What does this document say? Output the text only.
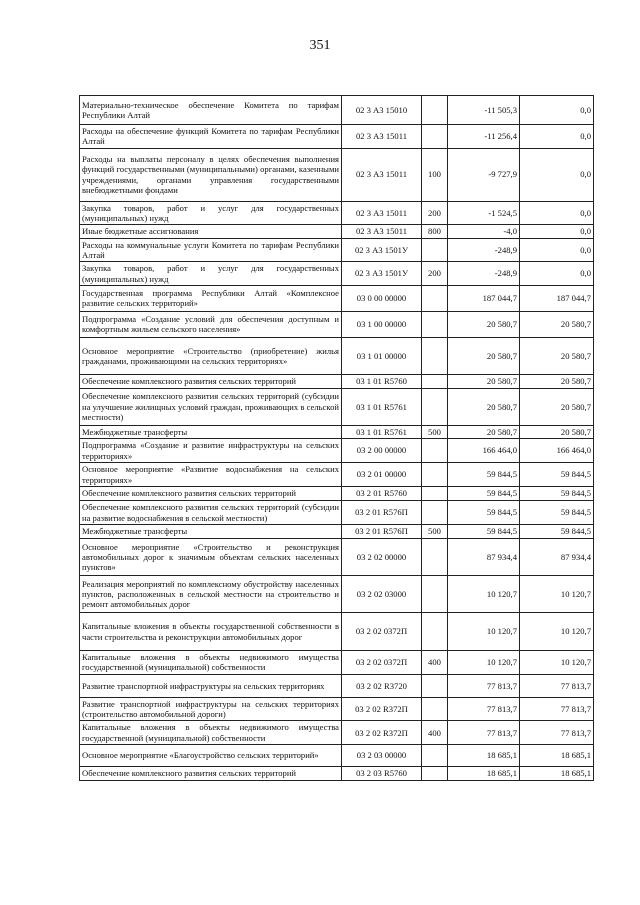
351
Материально-техническое обеспечение Комитета по тарифам Республики Алтай	02 3 А3 15010		-11 505,3	0,0
Расходы на обеспечение функций Комитета по тарифам Республики Алтай	02 3 А3 15011		-11 256,4	0,0
Расходы на выплаты персоналу в целях обеспечения выполнения функций государственными (муниципальными) органами, казенными учреждениями, органами управления государственными внебюджетными фондами	02 3 А3 15011	100	-9 727,9	0,0
Закупка товаров, работ и услуг для государственных (муниципальных) нужд	02 3 А3 15011	200	-1 524,5	0,0
Иные бюджетные ассигнования	02 3 А3 15011	800	-4,0	0,0
Расходы на коммунальные услуги Комитета по тарифам Республики Алтай	02 3 А3 1501У		-248,9	0,0
Закупка товаров, работ и услуг для государственных (муниципальных) нужд	02 3 А3 1501У	200	-248,9	0,0
Государственная программа Республики Алтай «Комплексное развитие сельских территорий»	03 0 00 00000		187 044,7	187 044,7
Подпрограмма «Создание условий для обеспечения доступным и комфортным жильем сельского населения»	03 1 00 00000		20 580,7	20 580,7
Основное мероприятие «Строительство (приобретение) жилья гражданами, проживающими на сельских территориях»	03 1 01 00000		20 580,7	20 580,7
Обеспечение комплексного развития сельских территорий	03 1 01 R5760		20 580,7	20 580,7
Обеспечение комплексного развития сельских территорий (субсидии на улучшение жилищных условий граждан, проживающих в сельской местности)	03 1 01 R5761		20 580,7	20 580,7
Межбюджетные трансферты	03 1 01 R5761	500	20 580,7	20 580,7
Подпрограмма «Создание и развитие инфраструктуры на сельских территориях»	03 2 00 00000		166 464,0	166 464,0
Основное мероприятие «Развитие водоснабжения на сельских территориях»	03 2 01 00000		59 844,5	59 844,5
Обеспечение комплексного развития сельских территорий	03 2 01 R5760		59 844,5	59 844,5
Обеспечение комплексного развития сельских территорий (субсидии на развитие водоснабжения в сельской местности)	03 2 01 R576П		59 844,5	59 844,5
Межбюджетные трансферты	03 2 01 R576П	500	59 844,5	59 844,5
Основное мероприятие «Строительство и реконструкция автомобильных дорог к значимым объектам сельских населенных пунктов»	03 2 02 00000		87 934,4	87 934,4
Реализация мероприятий по комплексному обустройству населенных пунктов, расположенных в сельской местности на строительство и ремонт автомобильных дорог	03 2 02 03000		10 120,7	10 120,7
Капитальные вложения в объекты государственной собственности в части строительства и реконструкции автомобильных дорог	03 2 02 0372П		10 120,7	10 120,7
Капитальные вложения в объекты недвижимого имущества государственной (муниципальной) собственности	03 2 02 0372П	400	10 120,7	10 120,7
Развитие транспортной инфраструктуры на сельских территориях	03 2 02 R3720		77 813,7	77 813,7
Развитие транспортной инфраструктуры на сельских территориях (строительство автомобильной дороги)	03 2 02 R372П		77 813,7	77 813,7
Капитальные вложения в объекты недвижимого имущества государственной (муниципальной) собственности	03 2 02 R372П	400	77 813,7	77 813,7
Основное мероприятие «Благоустройство сельских территорий»	03 2 03 00000		18 685,1	18 685,1
Обеспечение комплексного развития сельских территорий	03 2 03 R5760		18 685,1	18 685,1
